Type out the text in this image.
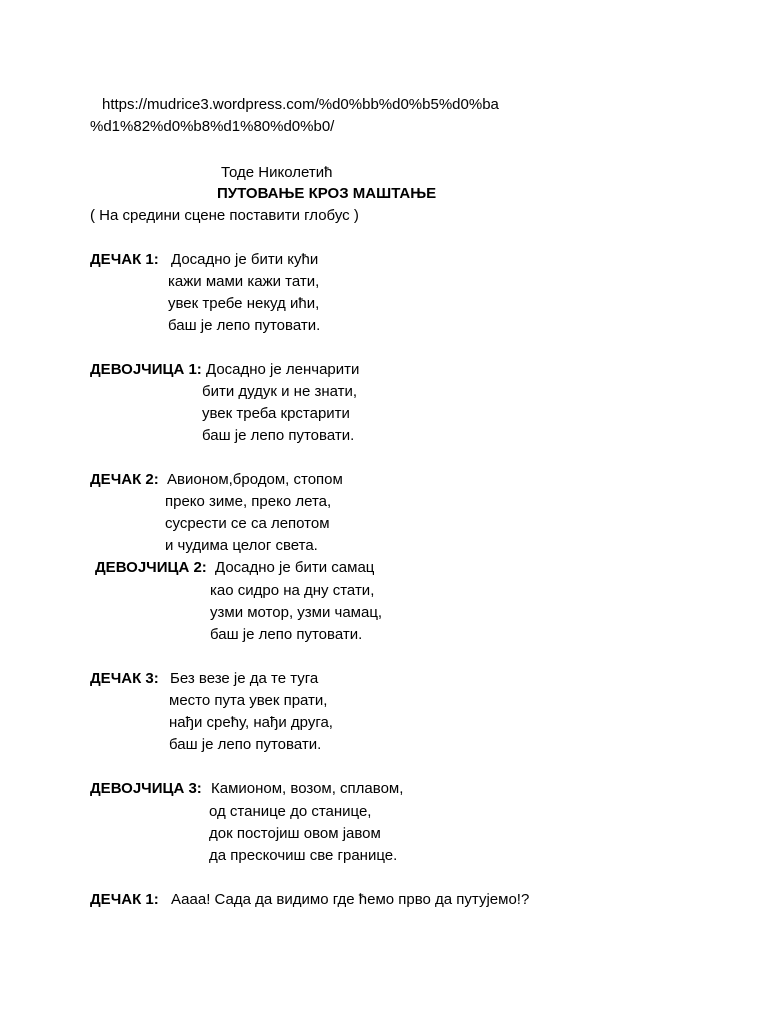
https://mudrice3.wordpress.com/%d0%bb%d0%b5%d0%ba
%d1%82%d0%b8%d1%80%d0%b0/
Тоде Николетић
ПУТОВАЊЕ КРОЗ МАШТАЊЕ
( На средини сцене поставити глобус )
ДЕЧАК 1: Досадно је бити кући
кажи мами кажи тати,
увек требе некуд ићи,
баш је лепо путовати.
ДЕВОЈЧИЦА 1: Досадно је ленчарити
бити дудук и не знати,
увек треба крстарити
баш је лепо путовати.
ДЕЧАК 2: Авионом,бродом, стопом
преко зиме, преко лета,
сусрести се са лепотом
и чудима целог света.
ДЕВОЈЧИЦА 2: Досадно је бити самац
као сидро на дну стати,
узми мотор, узми чамац,
баш је лепо путовати.
ДЕЧАК 3: Без везе је да те туга
место пута увек прати,
нађи срећу, нађи друга,
баш је лепо путовати.
ДЕВОЈЧИЦА 3: Камионом, возом, сплавом,
од станице до станице,
док постојиш овом јавом
да прескочиш све границе.
ДЕЧАК 1: Аааа! Сада да видимо где ћемо прво да путујемо!?
